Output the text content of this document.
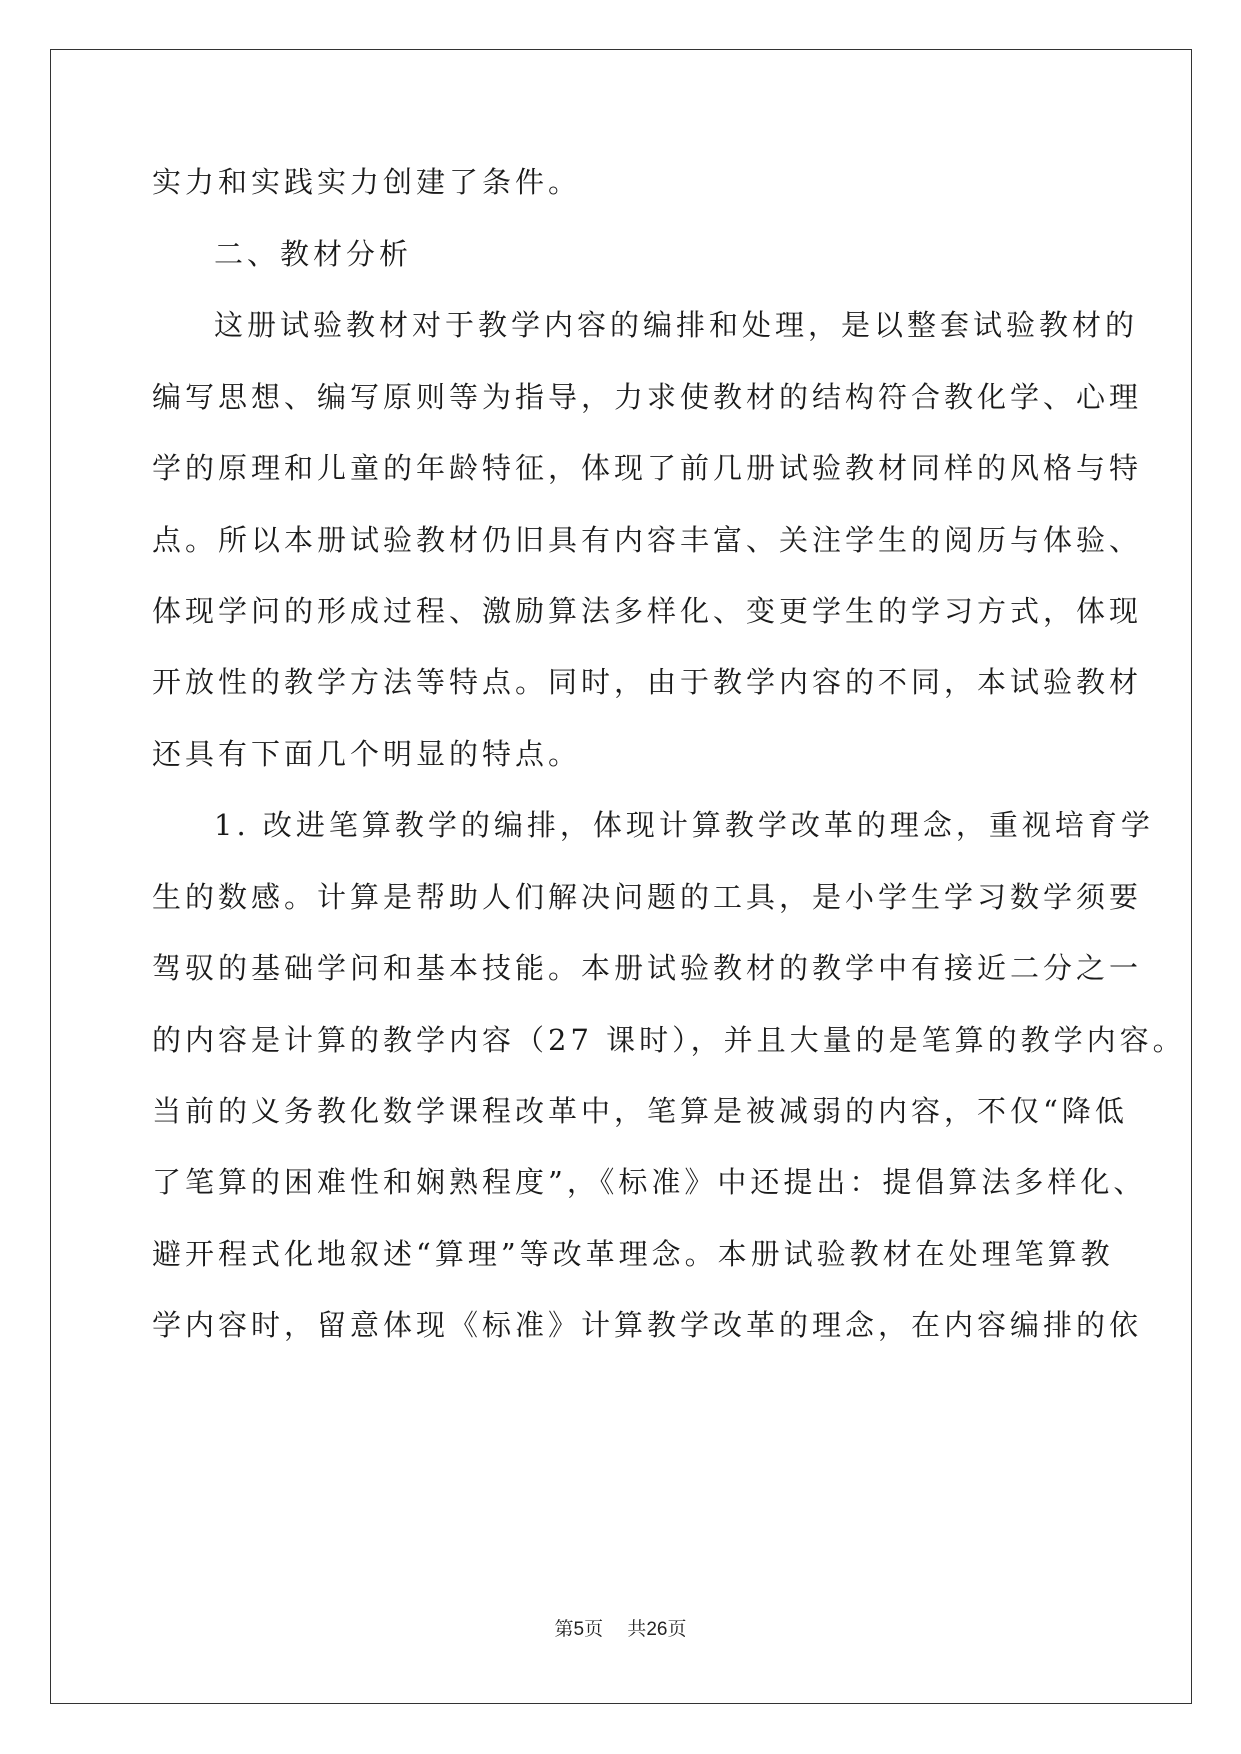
实力和实践实力创建了条件。
二、教材分析
这册试验教材对于教学内容的编排和处理，是以整套试验教材的
编写思想、编写原则等为指导，力求使教材的结构符合教化学、心理
学的原理和儿童的年龄特征，体现了前几册试验教材同样的风格与特
点。所以本册试验教材仍旧具有内容丰富、关注学生的阅历与体验、
体现学问的形成过程、激励算法多样化、变更学生的学习方式，体现
开放性的教学方法等特点。同时，由于教学内容的不同，本试验教材
还具有下面几个明显的特点。
1. 改进笔算教学的编排，体现计算教学改革的理念，重视培育学
生的数感。计算是帮助人们解决问题的工具，是小学生学习数学须要
驾驭的基础学问和基本技能。本册试验教材的教学中有接近二分之一
的内容是计算的教学内容（27 课时），并且大量的是笔算的教学内容。
当前的义务教化数学课程改革中，笔算是被减弱的内容，不仅“降低
了笔算的困难性和娴熟程度”，《标准》中还提出：提倡算法多样化、
避开程式化地叙述“算理”等改革理念。本册试验教材在处理笔算教
学内容时，留意体现《标准》计算教学改革的理念，在内容编排的依
第5页 共26页
